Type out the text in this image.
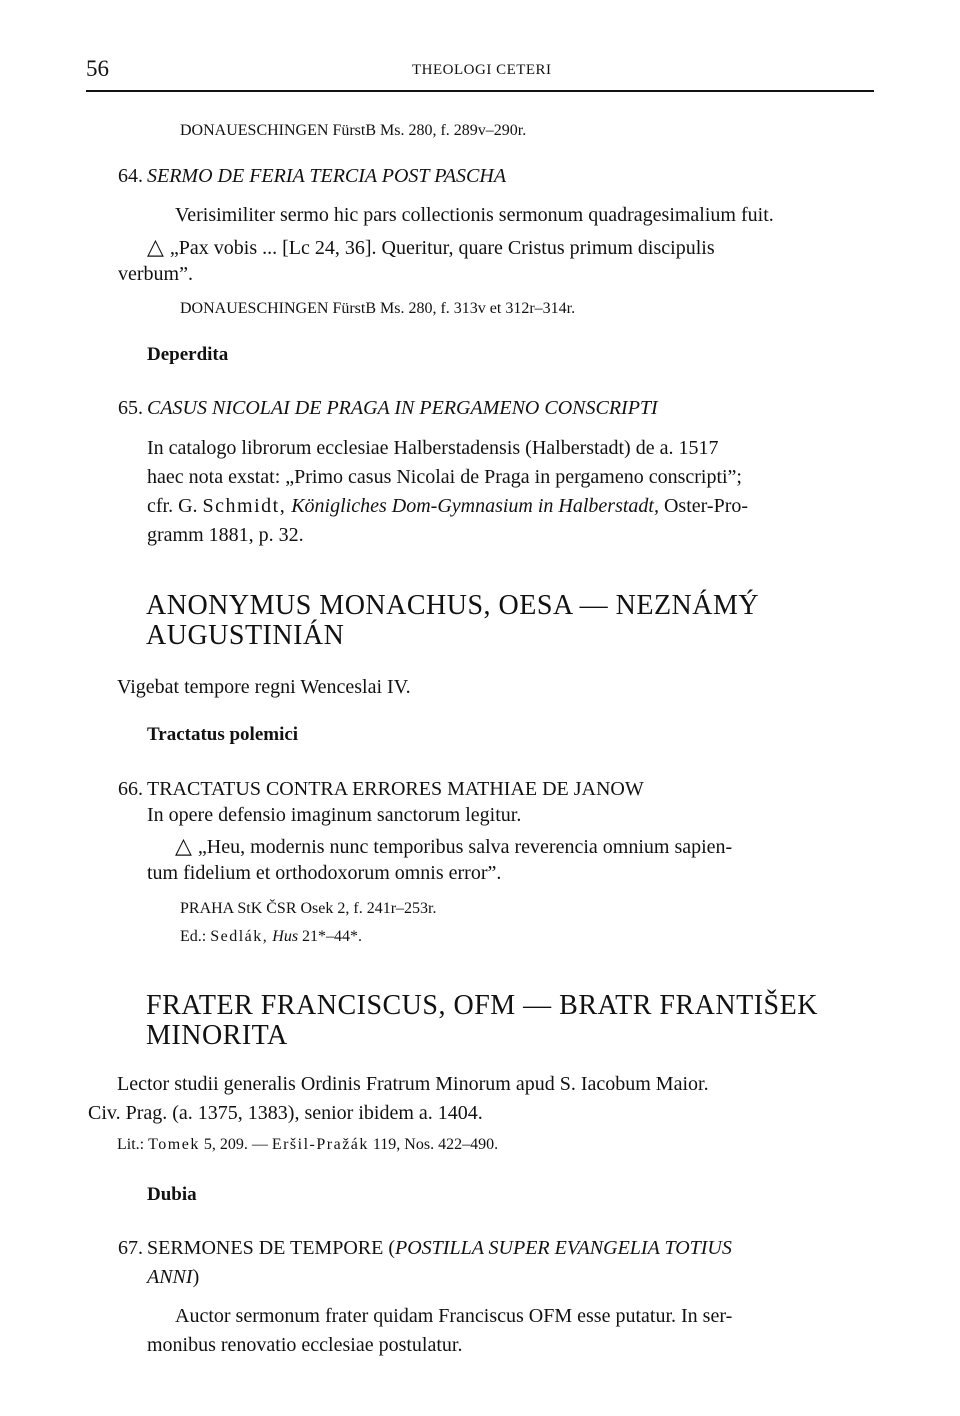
56	THEOLOGI CETERI
DONAUESCHINGEN FürstB Ms. 280, f. 289v–290r.
64. SERMO DE FERIA TERCIA POST PASCHA
Verisimiliter sermo hic pars collectionis sermonum quadragesimalium fuit.
△ „Pax vobis ... [Lc 24, 36]. Queritur, quare Cristus primum discipulis
verbum”.
DONAUESCHINGEN FürstB Ms. 280, f. 313v et 312r–314r.
Deperdita
65. CASUS NICOLAI DE PRAGA IN PERGAMENO CONSCRIPTI
In catalogo librorum ecclesiae Halberstadensis (Halberstadt) de a. 1517
haec nota exstat: „Primo casus Nicolai de Praga in pergameno conscripti”;
cfr. G. Schmidt, Königliches Dom-Gymnasium in Halberstadt, Oster-Pro-
gramm 1881, p. 32.
ANONYMUS MONACHUS, OESA — NEZNÁMÝ
AUGUSTINIÁN
Vigebat tempore regni Wenceslai IV.
Tractatus polemici
66. TRACTATUS CONTRA ERRORES MATHIAE DE JANOW
In opere defensio imaginum sanctorum legitur.
△ „Heu, modernis nunc temporibus salva reverencia omnium sapien-
tum fidelium et orthodoxorum omnis error”.
PRAHA StK ČSR Osek 2, f. 241r–253r.
Ed.: Sedlák, Hus 21*–44*.
FRATER FRANCISCUS, OFM — BRATR FRANTIŠEK
MINORITA
Lector studii generalis Ordinis Fratrum Minorum apud S. Iacobum Maior.
Civ. Prag. (a. 1375, 1383), senior ibidem a. 1404.
Lit.: Tomek 5, 209. — Eršil-Pražák 119, Nos. 422–490.
Dubia
67. SERMONES DE TEMPORE (POSTILLA SUPER EVANGELIA TOTIUS
ANNI)
Auctor sermonum frater quidam Franciscus OFM esse putatur. In ser-
monibus renovatio ecclesiae postulatur.
